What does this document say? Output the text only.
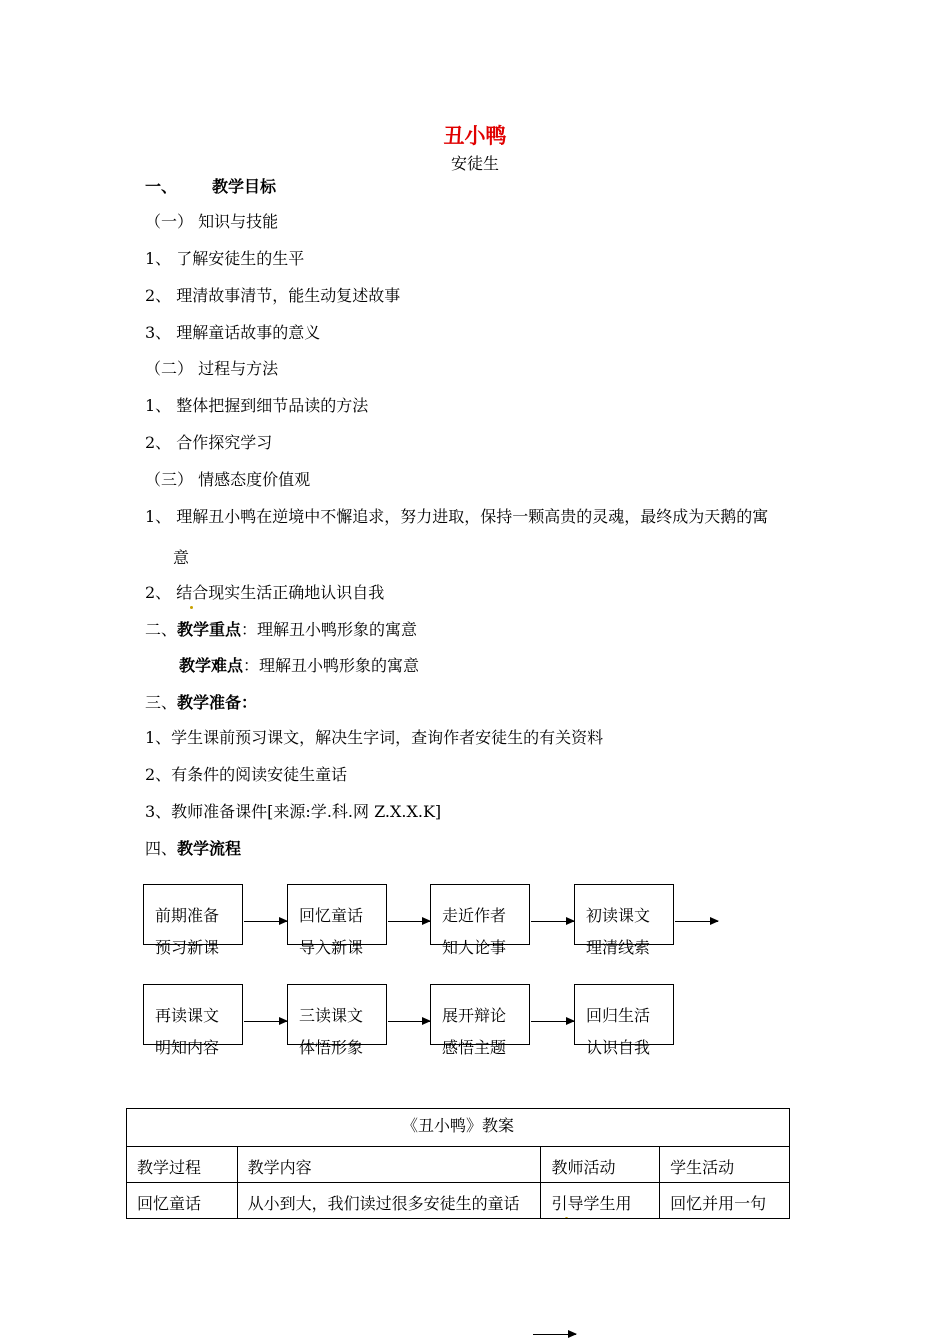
丑小鸭
安徒生
一、 教学目标
（一） 知识与技能
1、 了解安徒生的生平
2、 理清故事清节，能生动复述故事
3、 理解童话故事的意义
（二） 过程与方法
1、 整体把握到细节品读的方法
2、 合作探究学习
（三） 情感态度价值观
1、 理解丑小鸭在逆境中不懈追求，努力进取，保持一颗高贵的灵魂，最终成为天鹅的寓
意
2、 结合现实生活正确地认识自我
二、教学重点：理解丑小鸭形象的寓意
教学难点：理解丑小鸭形象的寓意
三、教学准备：
1、学生课前预习课文，解决生字词，查询作者安徒生的有关资料
2、有条件的阅读安徒生童话
3、教师准备课件[来源:学.科.网 Z.X.X.K]
四、教学流程
前期准备
预习新课
回忆童话
导入新课
走近作者
知人论事
初读课文
理清线索
再读课文
明知内容
三读课文
体悟形象
展开辩论
感悟主题
回归生活
认识自我
《丑小鸭》教案			
教学过程	教学内容	教师活动	学生活动
回忆童话	从小到大，我们读过很多安徒生的童话	引导学生用	回忆并用一句
